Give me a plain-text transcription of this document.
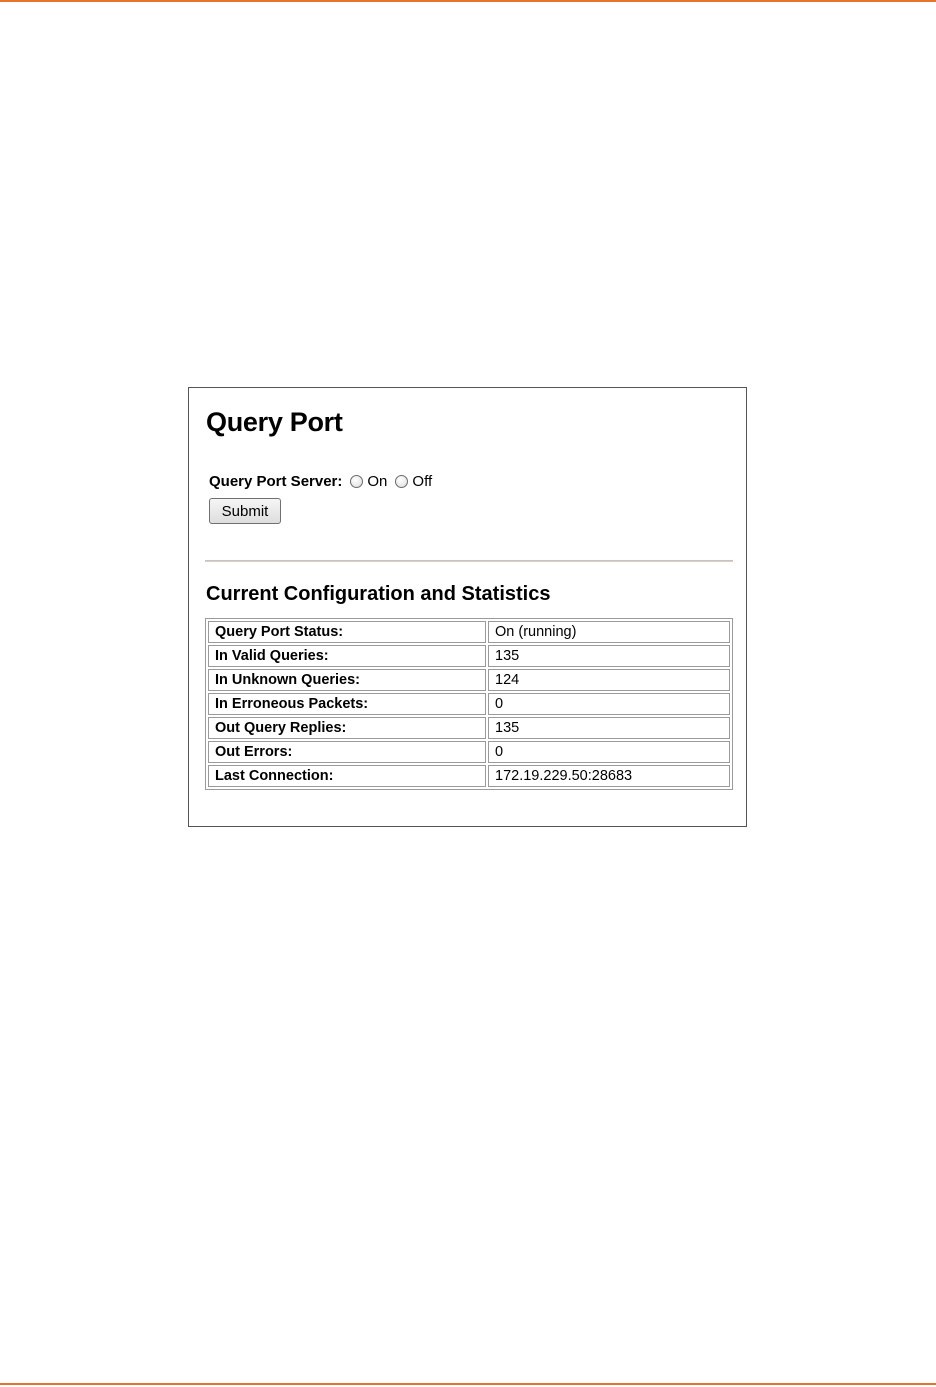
Query Port
Query Port Server: On Off
Submit
Current Configuration and Statistics
Query Port Status:	On (running)
In Valid Queries:	135
In Unknown Queries:	124
In Erroneous Packets:	0
Out Query Replies:	135
Out Errors:	0
Last Connection:	172.19.229.50:28683
